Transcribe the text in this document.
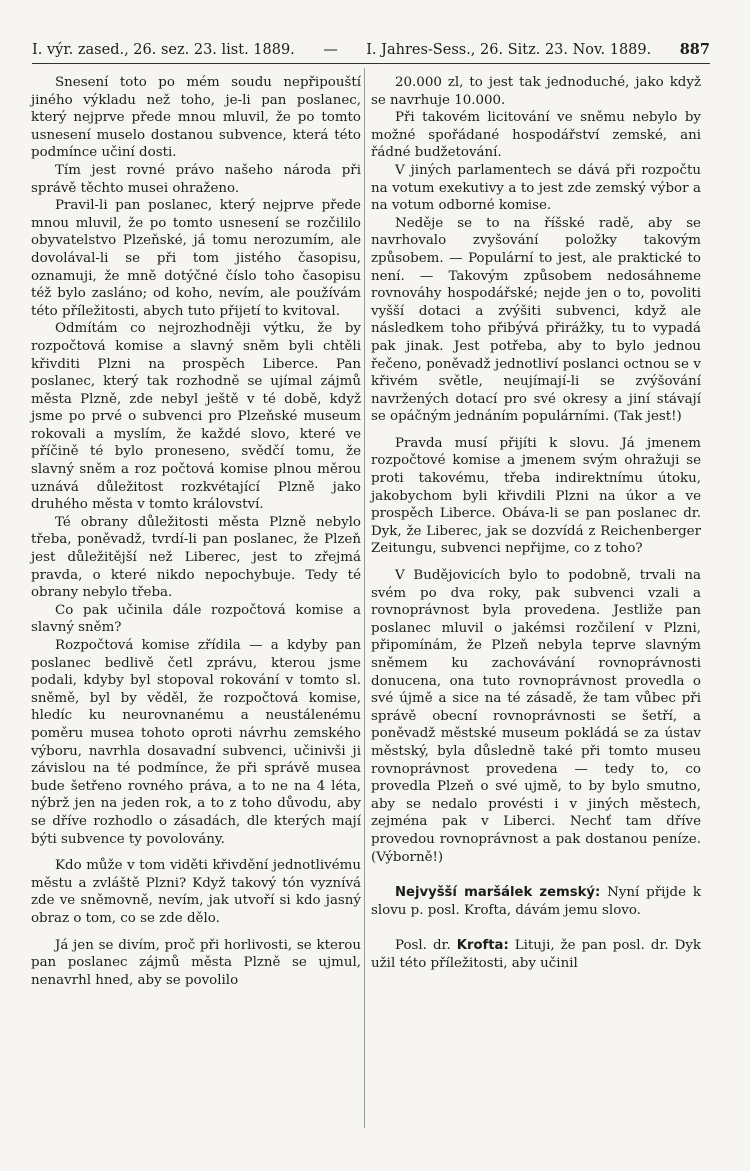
I. výr. zased., 26. sez. 23. list. 1889. — I. Jahres-Sess., 26. Sitz. 23. Nov. 1889. 887

Snesení toto po mém soudu nepřipouští jiného výkladu než toho, je-li pan poslanec, který nejprve přede mnou mluvil, že po tomto usnesení muselo dostanou subvence, která této podmínce učiní dosti.

Tím jest rovné právo našeho národa při správě těchto musei ohraženo.

Pravil-li pan poslanec, který nejprve přede mnou mluvil, že po tomto usnesení se rozčililo obyvatelstvo Plzeňské, já tomu nerozumím, ale dovolával-li se při tom jistého časopisu, oznamuji, že mně dotýčné číslo toho časopisu též bylo zasláno; od koho, nevím, ale používám této příležitosti, abych tuto přijetí to kvitoval.

Odmítám co nejrozhodněji výtku, že by rozpočtová komise a slavný sněm byli chtěli křivditi Plzni na prospěch Liberce. Pan poslanec, který tak rozhodně se ujímal zájmů města Plzně, zde nebyl ještě v té době, když jsme po prvé o subvenci pro Plzeňské museum rokovali a myslím, že každé slovo, které ve příčině té bylo proneseno, svědčí tomu, že slavný sněm a roz počtová komise plnou měrou uznává důležitost rozkvétající Plzně jako druhého města v tomto království.

Té obrany důležitosti města Plzně nebylo třeba, poněvadž, tvrdí-li pan poslanec, že Plzeň jest důležitější než Liberec, jest to zřejmá pravda, o které nikdo nepochybuje. Tedy té obrany nebylo třeba.

Co pak učinila dále rozpočtová komise a slavný sněm?

Rozpočtová komise zřídila — a kdyby pan poslanec bedlivě četl zprávu, kterou jsme podali, kdyby byl stopoval rokování v tomto sl. sněmě, byl by věděl, že rozpočtová komise, hledíc ku neurovnanému a neustálenému poměru musea tohoto oproti návrhu zemského výboru, navrhla dosavadní subvenci, učinivši ji závislou na té podmínce, že při správě musea bude šetřeno rovného práva, a to ne na 4 léta, nýbrž jen na jeden rok, a to z toho důvodu, aby se dříve rozhodlo o zásadách, dle kterých mají býti subvence ty povolovány.

Kdo může v tom viděti křivdění jednotlivému městu a zvláště Plzni? Když takový tón vyznívá zde ve sněmovně, nevím, jak utvoří si kdo jasný obraz o tom, co se zde dělo.

Já jen se divím, proč při horlivosti, se kterou pan poslanec zájmů města Plzně se ujmul, nenavrhl hned, aby se povolilo

20.000 zl, to jest tak jednoduché, jako když se navrhuje 10.000.

Při takovém licitování ve sněmu nebylo by možné spořádané hospodářství zemské, ani řádné budžetování.

V jiných parlamentech se dává při rozpočtu na votum exekutivy a to jest zde zemský výbor a na votum odborné komise.

Neděje se to na říšské radě, aby se navrhovalo zvyšování položky takovým způsobem. — Populární to jest, ale praktické to není. — Takovým způsobem nedosáhneme rovnováhy hospodářské; nejde jen o to, povoliti vyšší dotaci a zvýšiti subvenci, když ale následkem toho přibývá přirážky, tu to vypadá pak jinak. Jest potřeba, aby to bylo jednou řečeno, poněvadž jednotliví poslanci octnou se v křivém světle, neujímají-li se zvýšování navržených dotací pro své okresy a jiní stávají se opáčným jednáním populárními. (Tak jest!)

Pravda musí přijíti k slovu. Já jmenem rozpočtové komise a jmenem svým ohražuji se proti takovému, třeba indirektnímu útoku, jakobychom byli křivdili Plzni na úkor a ve prospěch Liberce. Obáva-li se pan poslanec dr. Dyk, že Liberec, jak se dozvídá z Reichenberger Zeitungu, subvenci nepřijme, co z toho?

V Budějovicích bylo to podobně, trvali na svém po dva roky, pak subvenci vzali a rovnoprávnost byla provedena. Jestliže pan poslanec mluvil o jakémsi rozčilení v Plzni, připomínám, že Plzeň nebyla teprve slavným sněmem ku zachovávání rovnoprávnosti donucena, ona tuto rovnoprávnost provedla o své újmě a sice na té zásadě, že tam vůbec při správě obecní rovnoprávnosti se šetří, a poněvadž městské museum pokládá se za ústav městský, byla důsledně také při tomto museu rovnoprávnost provedena — tedy to, co provedla Plzeň o své ujmě, to by bylo smutno, aby se nedalo provésti i v jiných městech, zejména pak v Liberci. Nechť tam dříve provedou rovnoprávnost a pak dostanou peníze. (Výborně!)

Nejvyšší maršálek zemský: Nyní přijde k slovu p. posl. Krofta, dávám jemu slovo.

Posl. dr. Krofta: Lituji, že pan posl. dr. Dyk užil této příležitosti, aby učinil
